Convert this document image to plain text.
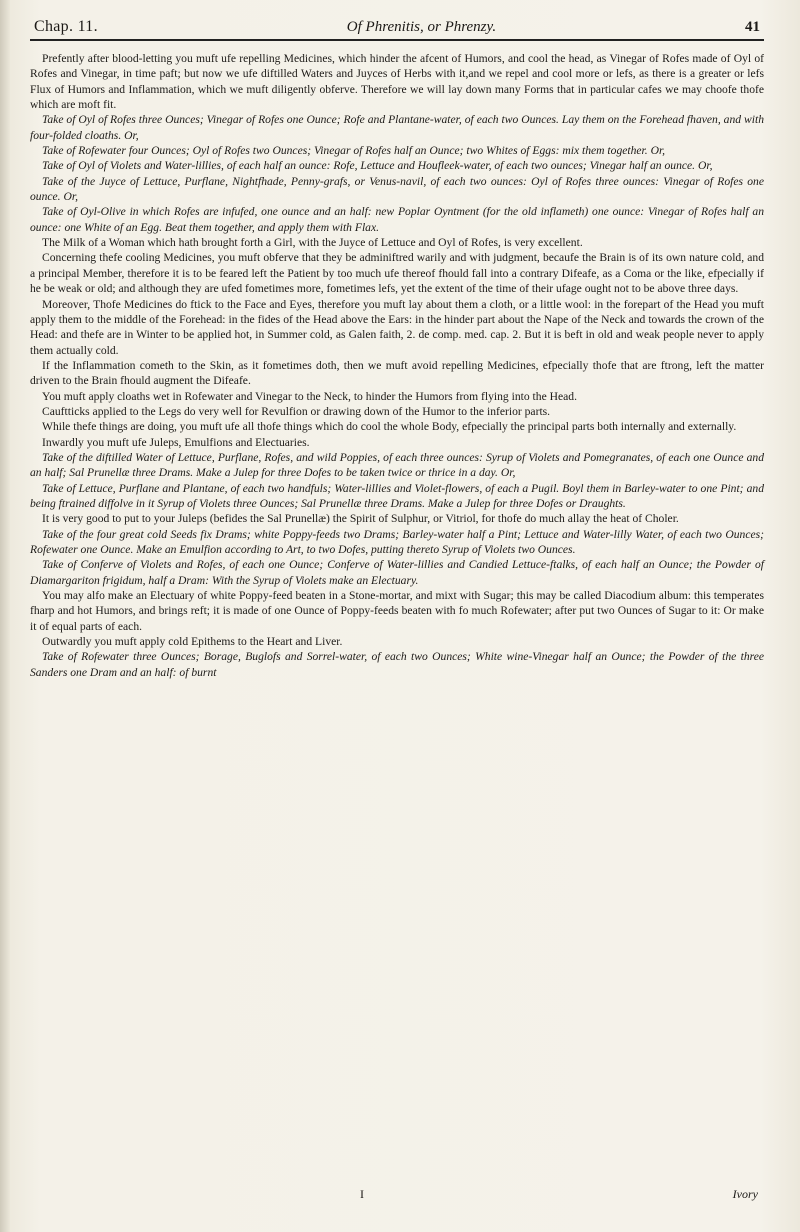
Chap. 11.	Of Phrenitis, or Phrenzy.	41

Prefently after blood-letting you muft ufe repelling Medicines, which hinder the afcent of Humors, and cool the head, as Vinegar of Rofes made of Oyl of Rofes and Vinegar, in time paft; but now we ufe diftilled Waters and Juyces of Herbs with it,and we repel and cool more or lefs, as there is a greater or lefs Flux of Humors and Inflammation, which we muft diligently obferve. Therefore we will lay down many Forms that in particular cafes we may choofe thofe which are moft fit.

Take of Oyl of Rofes three Ounces; Vinegar of Rofes one Ounce; Rofe and Plantane-water, of each two Ounces. Lay them on the Forehead fhaven, and with four-folded cloaths. Or,

Take of Rofewater four Ounces; Oyl of Rofes two Ounces; Vinegar of Rofes half an Ounce; two Whites of Eggs: mix them together. Or,

Take of Oyl of Violets and Water-lillies, of each half an ounce: Rofe, Lettuce and Houfleek-water, of each two ounces; Vinegar half an ounce. Or,

Take of the Juyce of Lettuce, Purflane, Nightfhade, Penny-grafs, or Venus-navil, of each two ounces: Oyl of Rofes three ounces: Vinegar of Rofes one ounce. Or,

Take of Oyl-Olive in which Rofes are infufed, one ounce and an half: new Poplar Oyntment (for the old inflameth) one ounce: Vinegar of Rofes half an ounce: one White of an Egg. Beat them together, and apply them with Flax.

The Milk of a Woman which hath brought forth a Girl, with the Juyce of Lettuce and Oyl of Rofes, is very excellent.

Concerning thefe cooling Medicines, you muft obferve that they be adminiftred warily and with judgment, becaufe the Brain is of its own nature cold, and a principal Member, therefore it is to be feared left the Patient by too much ufe thereof fhould fall into a contrary Difeafe, as a Coma or the like, efpecially if he be weak or old; and although they are ufed fometimes more, fometimes lefs, yet the extent of the time of their ufage ought not to be above three days.

Moreover, Thofe Medicines do ftick to the Face and Eyes, therefore you muft lay about them a cloth, or a little wool: in the forepart of the Head you muft apply them to the middle of the Forehead: in the fides of the Head above the Ears: in the hinder part about the Nape of the Neck and towards the crown of the Head: and thefe are in Winter to be applied hot, in Summer cold, as Galen faith, 2. de comp. med. cap. 2. But it is beft in old and weak people never to apply them actually cold.

If the Inflammation cometh to the Skin, as it fometimes doth, then we muft avoid repelling Medicines, efpecially thofe that are ftrong, left the matter driven to the Brain fhould augment the Difeafe.

You muft apply cloaths wet in Rofewater and Vinegar to the Neck, to hinder the Humors from flying into the Head.

Cauftticks applied to the Legs do very well for Revulfion or drawing down of the Humor to the inferior parts.

While thefe things are doing, you muft ufe all thofe things which do cool the whole Body, efpecially the principal parts both internally and externally.

Inwardly you muft ufe Juleps, Emulfions and Electuaries.

Take of the diftilled Water of Lettuce, Purflane, Rofes, and wild Poppies, of each three ounces: Syrup of Violets and Pomegranates, of each one Ounce and an half; Sal Prunellæ three Drams. Make a Julep for three Dofes to be taken twice or thrice in a day. Or,

Take of Lettuce, Purflane and Plantane, of each two handfuls; Water-lillies and Violet-flowers, of each a Pugil. Boyl them in Barley-water to one Pint; and being ftrained diffolve in it Syrup of Violets three Ounces; Sal Prunellæ three Drams. Make a Julep for three Dofes or Draughts.

It is very good to put to your Juleps (befides the Sal Prunellæ) the Spirit of Sulphur, or Vitriol, for thofe do much allay the heat of Choler.

Take of the four great cold Seeds fix Drams; white Poppy-feeds two Drams; Barley-water half a Pint; Lettuce and Water-lilly Water, of each two Ounces; Rofewater one Ounce. Make an Emulfion according to Art, to two Dofes, putting thereto Syrup of Violets two Ounces.

Take of Conferve of Violets and Rofes, of each one Ounce; Conferve of Water-lillies and Candied Lettuce-ftalks, of each half an Ounce; the Powder of Diamargariton frigidum, half a Dram: With the Syrup of Violets make an Electuary.

You may alfo make an Electuary of white Poppy-feed beaten in a Stone-mortar, and mixt with Sugar; this may be called Diacodium album: this temperates fharp and hot Humors, and brings reft; it is made of one Ounce of Poppy-feeds beaten with fo much Rofewater; after put two Ounces of Sugar to it: Or make it of equal parts of each.

Outwardly you muft apply cold Epithems to the Heart and Liver.

Take of Rofewater three Ounces; Borage, Buglofs and Sorrel-water, of each two Ounces; White wine-Vinegar half an Ounce; the Powder of the three Sanders one Dram and an half: of burnt

I	Ivory
